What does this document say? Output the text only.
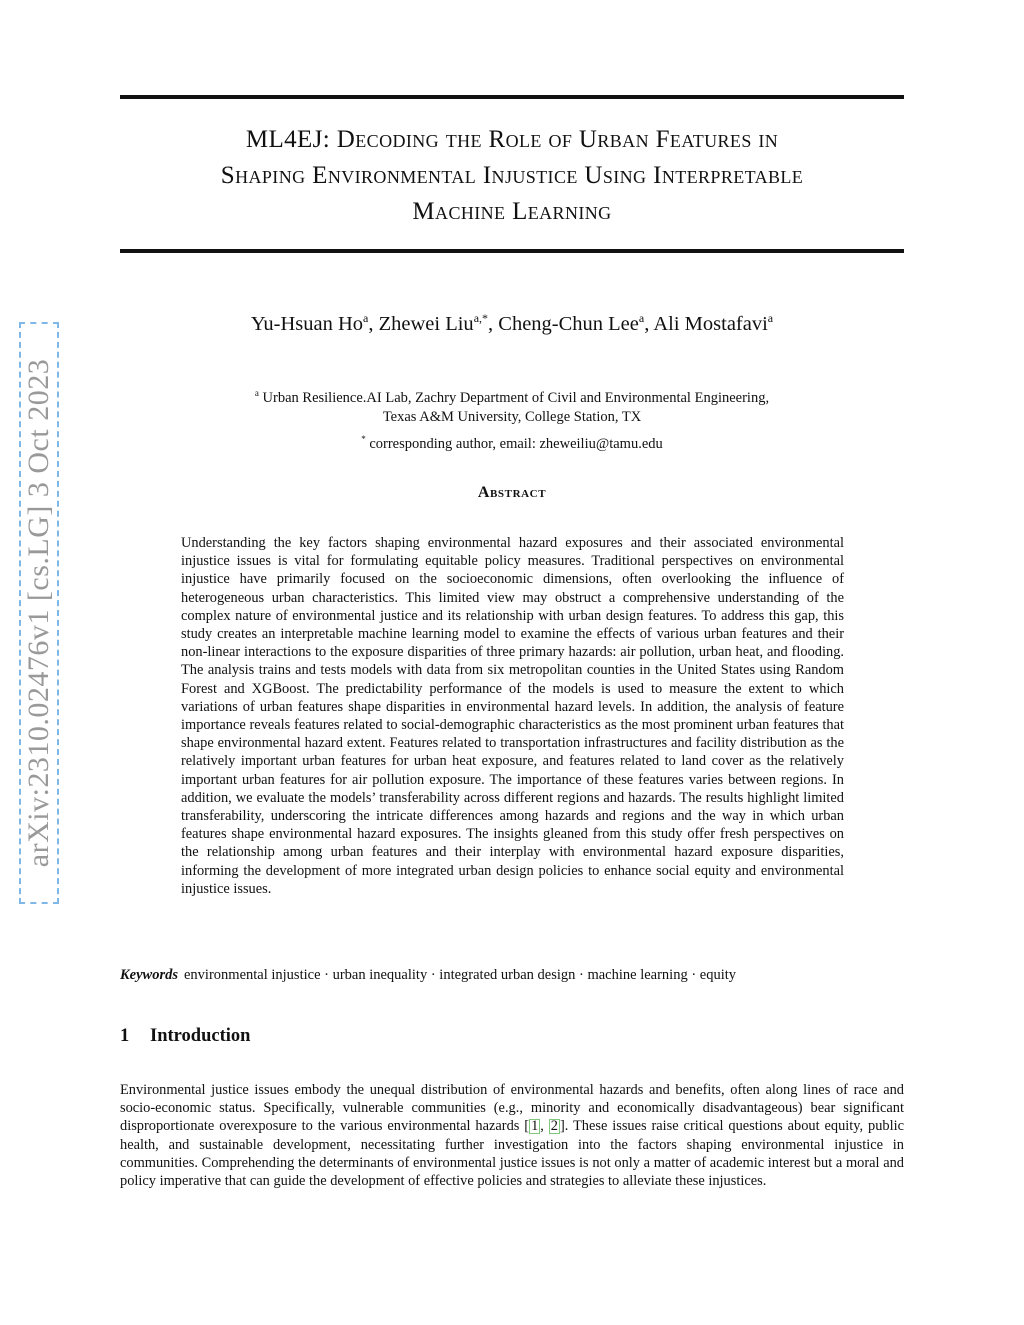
arXiv:2310.02476v1 [cs.LG] 3 Oct 2023
ML4EJ: Decoding the Role of Urban Features in
Shaping Environmental Injustice Using Interpretable
Machine Learning
Yu-Hsuan Ho$^a$, Zhewei Liu$^{a,*}$, Cheng-Chun Lee$^a$, Ali Mostafavi$^a$
$^a$ Urban Resilience.AI Lab, Zachry Department of Civil and Environmental Engineering,
Texas A&M University, College Station, TX
* corresponding author, email: zheweiliu@tamu.edu
Abstract
Understanding the key factors shaping environmental hazard exposures and their associated environmental injustice issues is vital for formulating equitable policy measures. Traditional perspectives on environmental injustice have primarily focused on the socioeconomic dimensions, often overlooking the influence of heterogeneous urban characteristics. This limited view may obstruct a comprehensive understanding of the complex nature of environmental justice and its relationship with urban design features. To address this gap, this study creates an interpretable machine learning model to examine the effects of various urban features and their non-linear interactions to the exposure disparities of three primary hazards: air pollution, urban heat, and flooding. The analysis trains and tests models with data from six metropolitan counties in the United States using Random Forest and XGBoost. The predictability performance of the models is used to measure the extent to which variations of urban features shape disparities in environmental hazard levels. In addition, the analysis of feature importance reveals features related to social-demographic characteristics as the most prominent urban features that shape environmental hazard extent. Features related to transportation infrastructures and facility distribution as the relatively important urban features for urban heat exposure, and features related to land cover as the relatively important urban features for air pollution exposure. The importance of these features varies between regions. In addition, we evaluate the models’ transferability across different regions and hazards. The results highlight limited transferability, underscoring the intricate differences among hazards and regions and the way in which urban features shape environmental hazard exposures. The insights gleaned from this study offer fresh perspectives on the relationship among urban features and their interplay with environmental hazard exposure disparities, informing the development of more integrated urban design policies to enhance social equity and environmental injustice issues.
Keywords environmental injustice · urban inequality · integrated urban design · machine learning · equity
1 Introduction
Environmental justice issues embody the unequal distribution of environmental hazards and benefits, often along lines of race and socio-economic status. Specifically, vulnerable communities (e.g., minority and economically disadvantageous) bear significant disproportionate overexposure to the various environmental hazards [ 1 , 2 ]. These issues raise critical questions about equity, public health, and sustainable development, necessitating further investigation into the factors shaping environmental injustice in communities. Comprehending the determinants of environmental justice issues is not only a matter of academic interest but a moral and policy imperative that can guide the development of effective policies and strategies to alleviate these injustices.
